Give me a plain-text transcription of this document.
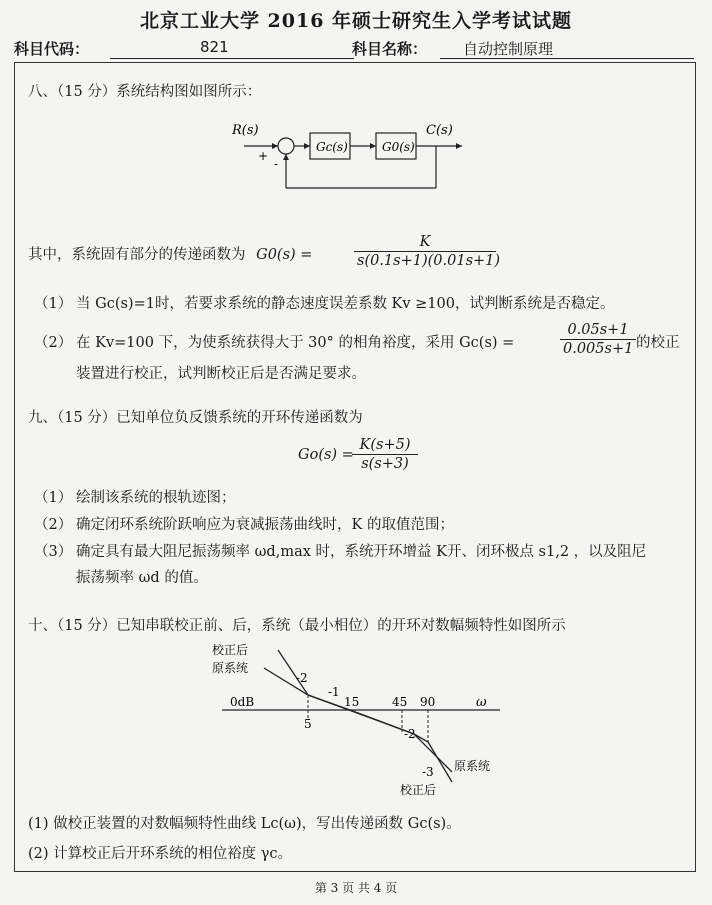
北京工业大学 2016 年硕士研究生入学考试试题
科目代码：	821	科目名称： 自动控制原理
八、（15 分）系统结构图如图所示：
R(s)
+
-
Gc(s)	G0(s)
C(s)
其中，系统固有部分的传递函数为 G0(s) =	$\frac{K}{s(0.1s+1)(0.01s+1)}$
（1） 当 Gc(s)=1时，若要求系统的静态速度误差系数 Kv ≥100，试判断系统是否稳定。
（2） 在 Kv=100 下，为使系统获得大于 30° 的相角裕度，采用 Gc(s) =	$\frac{0.05s+1}{0.005s+1}$ 的校正
装置进行校正，试判断校正后是否满足要求。
九、（15 分）已知单位负反馈系统的开环传递函数为
Go(s) =
$\frac{K(s+5)}{s(s+3)}$
（1） 绘制该系统的根轨迹图；
（2） 确定闭环系统阶跃响应为衰减振荡曲线时，K 的取值范围；
（3） 确定具有最大阻尼振荡频率 ωd,max 时，系统开环增益 K开、闭环极点 s1,2 ，以及阻尼
振荡频率 ωd 的值。
十、（15 分）已知串联校正前、后，系统（最小相位）的开环对数幅频特性如图所示
0dB	ω
校正后
原系统
-2
-1
5
15	45 90
-2
-3 原系统
校正后
(1) 做校正装置的对数幅频特性曲线 Lc(ω)，写出传递函数 Gc(s)。
(2) 计算校正后开环系统的相位裕度 γc。
第 3 页 共 4 页
